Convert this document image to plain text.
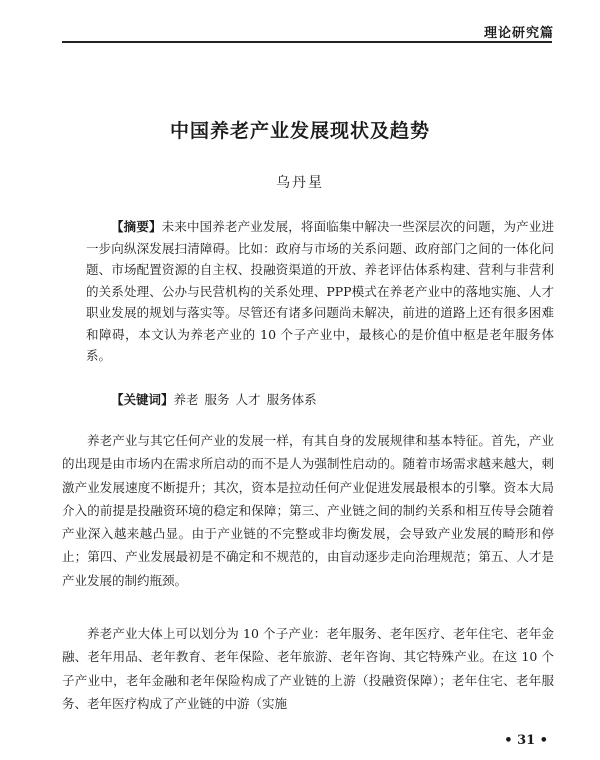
理论研究篇
中国养老产业发展现状及趋势
乌丹星

【摘要】未来中国养老产业发展，将面临集中解决一些深层次的问题，为产业进一步向纵深发展扫清障碍。比如：政府与市场的关系问题、政府部门之间的一体化问题、市场配置资源的自主权、投融资渠道的开放、养老评估体系构建、营利与非营利的关系处理、公办与民营机构的关系处理、PPP模式在养老产业中的落地实施、人才职业发展的规划与落实等。尽管还有诸多问题尚未解决，前进的道路上还有很多困难和障碍，本文认为养老产业的 10 个子产业中，最核心的是价值中枢是老年服务体系。

【关键词】养老 服务 人才 服务体系

养老产业与其它任何产业的发展一样，有其自身的发展规律和基本特征。首先，产业的出现是由市场内在需求所启动的而不是人为强制性启动的。随着市场需求越来越大，刺激产业发展速度不断提升；其次，资本是拉动任何产业促进发展最根本的引擎。资本大局介入的前提是投融资环境的稳定和保障；第三、产业链之间的制约关系和相互传导会随着产业深入越来越凸显。由于产业链的不完整或非均衡发展，会导致产业发展的畸形和停止；第四、产业发展最初是不确定和不规范的，由盲动逐步走向治理规范；第五、人才是产业发展的制约瓶颈。

养老产业大体上可以划分为 10 个子产业：老年服务、老年医疗、老年住宅、老年金融、老年用品、老年教育、老年保险、老年旅游、老年咨询、其它特殊产业。在这 10 个子产业中，老年金融和老年保险构成了产业链的上游（投融资保障）；老年住宅、老年服务、老年医疗构成了产业链的中游（实施

• 31 •
